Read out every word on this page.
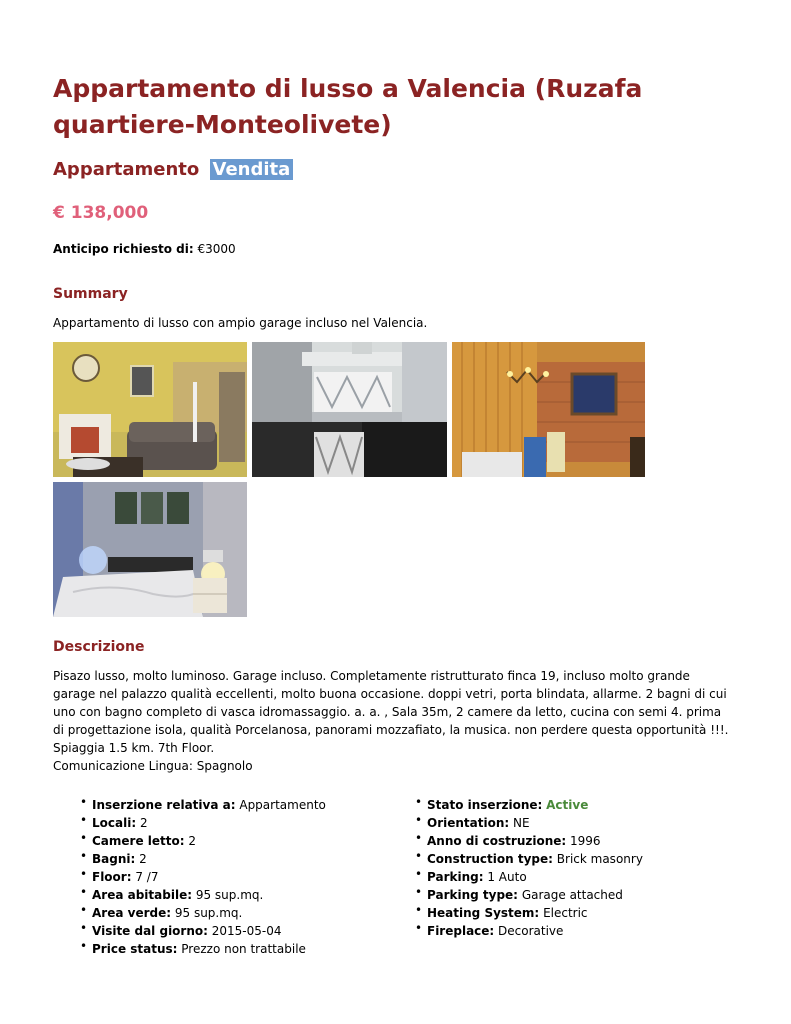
Appartamento di lusso a Valencia (Ruzafa quartiere-Monteolivete)
Appartamento Vendita
€ 138,000
Anticipo richiesto di: €3000
Summary
Appartamento di lusso con ampio garage incluso nel Valencia.
Descrizione
Pisazo lusso, molto luminoso. Garage incluso. Completamente ristrutturato finca 19, incluso molto grande garage nel palazzo qualità eccellenti, molto buona occasione. doppi vetri, porta blindata, allarme. 2 bagni di cui uno con bagno completo di vasca idromassaggio. a. a. , Sala 35m, 2 camere da letto, cucina con semi 4. prima di progettazione isola, qualità Porcelanosa, panorami mozzafiato, la musica. non perdere questa opportunità !!!. Spiaggia 1.5 km. 7th Floor.
Comunicazione Lingua: Spagnolo
• Inserzione relativa a: Appartamento
• Locali: 2
• Camere letto: 2
• Bagni: 2
• Floor: 7 /7
• Area abitabile: 95 sup.mq.
• Area verde: 95 sup.mq.
• Visite dal giorno: 2015-05-04
• Price status: Prezzo non trattabile
• Stato inserzione: Active
• Orientation: NE
• Anno di costruzione: 1996
• Construction type: Brick masonry
• Parking: 1 Auto
• Parking type: Garage attached
• Heating System: Electric
• Fireplace: Decorative
